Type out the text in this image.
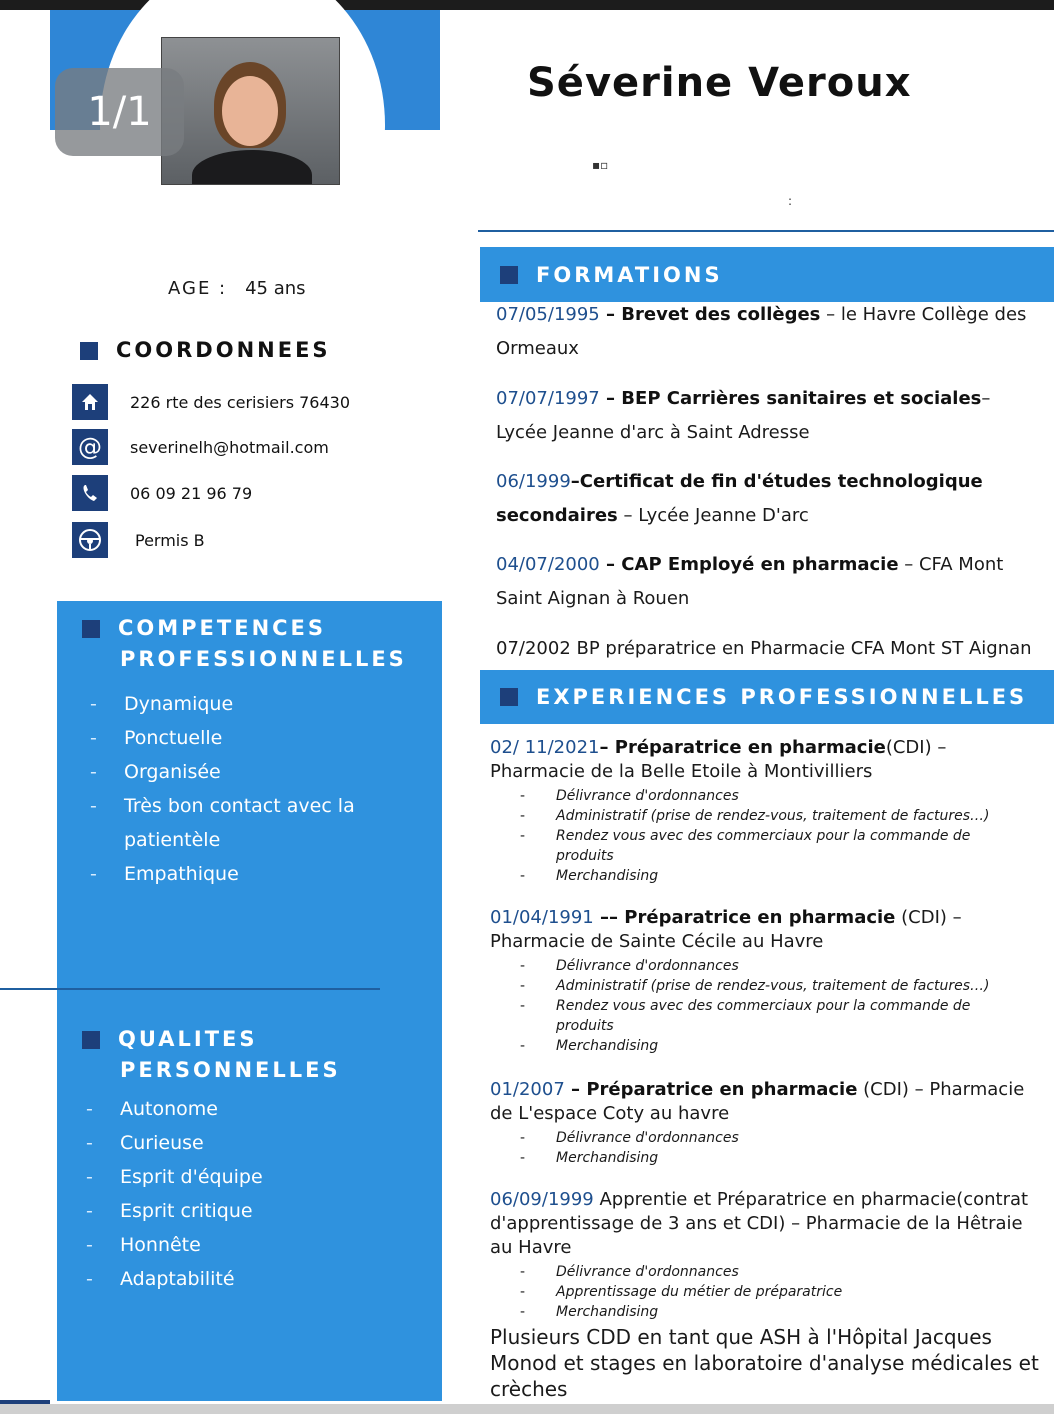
1/1
Séverine Veroux
▪▫
:
AGE : 45 ans
COORDONNEES
226 rte des cerisiers 76430
@	severinelh@hotmail.com
06 09 21 96 79
Permis B
COMPETENCES
PROFESSIONNELLES
-	Dynamique
-	Ponctuelle
-	Organisée
-	Très bon contact avec la
patientèle
-	Empathique
QUALITES
PERSONNELLES
-	Autonome
-	Curieuse
-	Esprit d'équipe
-	Esprit critique
-	Honnête
-	Adaptabilité
FORMATIONS
07/05/1995 – Brevet des collèges – le Havre Collège des Ormeaux
07/07/1997 – BEP Carrières sanitaires et sociales– Lycée Jeanne d'arc à Saint Adresse
06/1999–Certificat de fin d'études technologique secondaires – Lycée Jeanne D'arc
04/07/2000 – CAP Employé en pharmacie – CFA Mont Saint Aignan à Rouen
07/2002 BP préparatrice en Pharmacie CFA Mont ST Aignan
EXPERIENCES PROFESSIONNELLES
02/ 11/2021– Préparatrice en pharmacie(CDI) – Pharmacie de la Belle Etoile à Montivilliers
-	Délivrance d'ordonnances
-	Administratif (prise de rendez-vous, traitement de factures…)
-	Rendez vous avec des commerciaux pour la commande de produits
-	Merchandising
01/04/1991 –– Préparatrice en pharmacie (CDI) – Pharmacie de Sainte Cécile au Havre
-	Délivrance d'ordonnances
-	Administratif (prise de rendez-vous, traitement de factures…)
-	Rendez vous avec des commerciaux pour la commande de produits
-	Merchandising
01/2007 – Préparatrice en pharmacie (CDI) – Pharmacie de L'espace Coty au havre
-	Délivrance d'ordonnances
-	Merchandising
06/09/1999 Apprentie et Préparatrice en pharmacie(contrat d'apprentissage de 3 ans et CDI) – Pharmacie de la Hêtraie au Havre
-	Délivrance d'ordonnances
-	Apprentissage du métier de préparatrice
-	Merchandising
Plusieurs CDD en tant que ASH à l'Hôpital Jacques Monod et stages en laboratoire d'analyse médicales et crèches
